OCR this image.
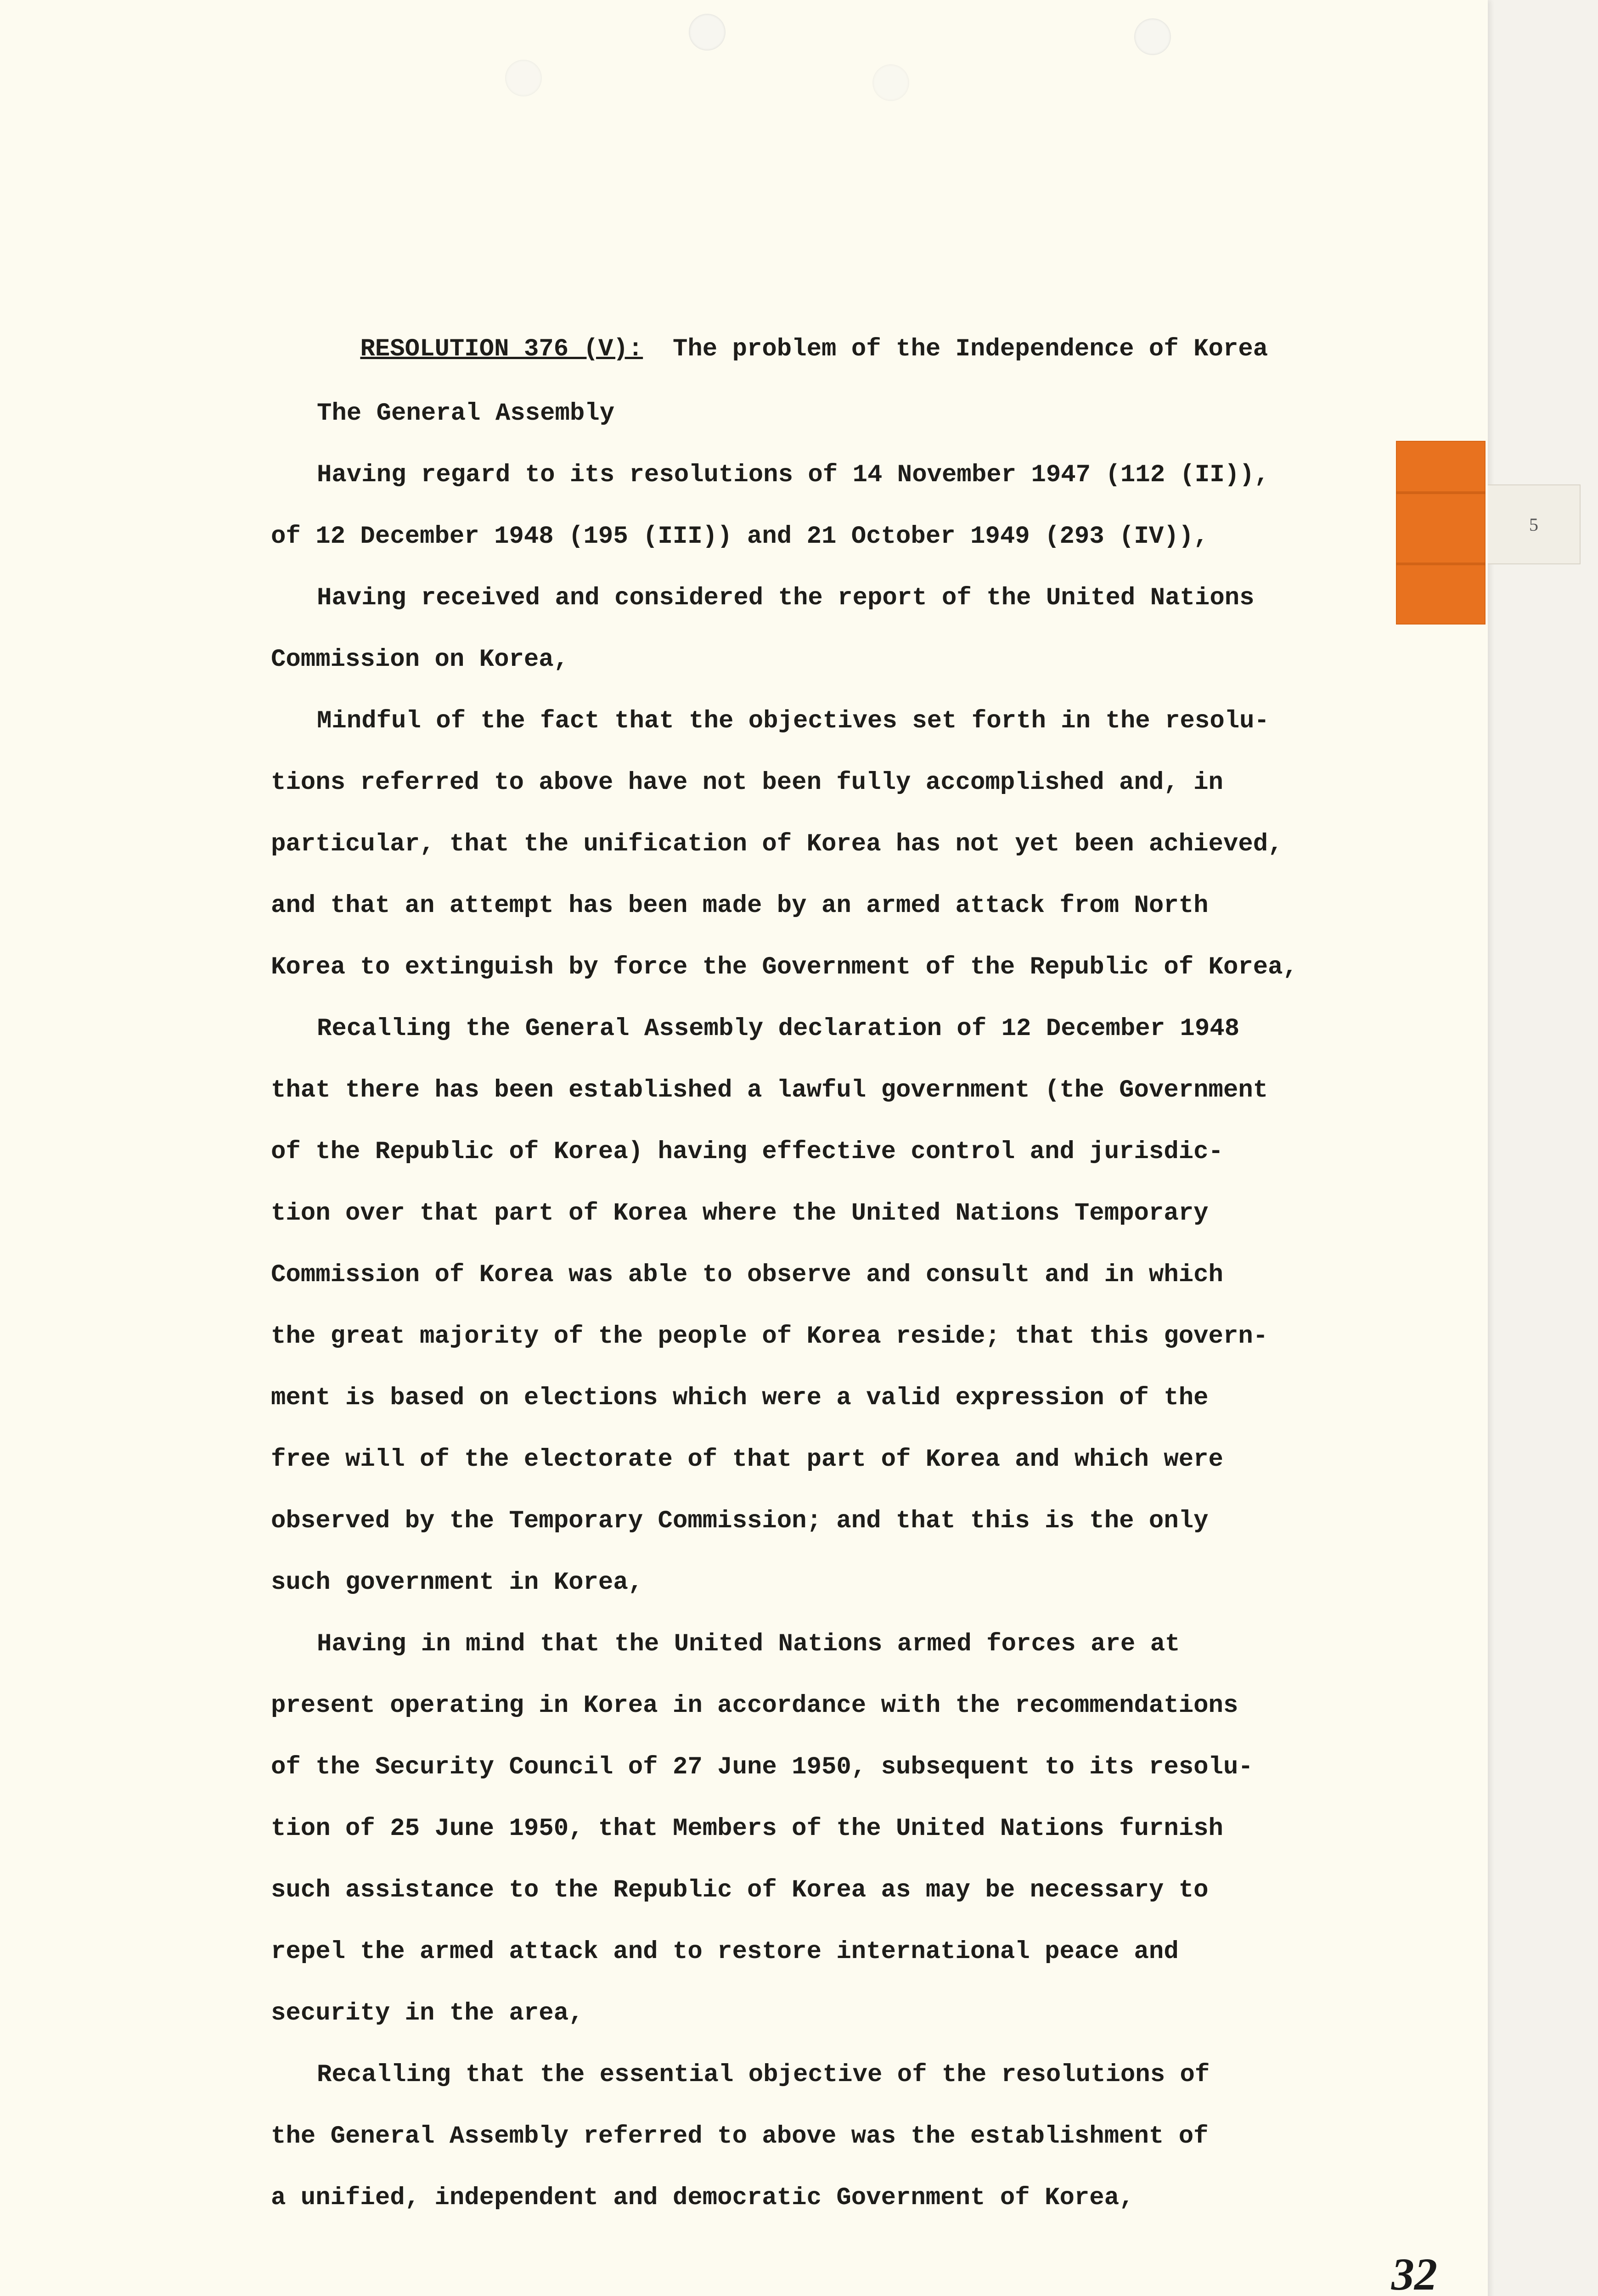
RESOLUTION 376 (V): The problem of the Independence of Korea

The General Assembly
Having regard to its resolutions of 14 November 1947 (112 (II)),
of 12 December 1948 (195 (III)) and 21 October 1949 (293 (IV)),
Having received and considered the report of the United Nations
Commission on Korea,
Mindful of the fact that the objectives set forth in the resolu-
tions referred to above have not been fully accomplished and, in
particular, that the unification of Korea has not yet been achieved,
and that an attempt has been made by an armed attack from North
Korea to extinguish by force the Government of the Republic of Korea,
Recalling the General Assembly declaration of 12 December 1948
that there has been established a lawful government (the Government
of the Republic of Korea) having effective control and jurisdic-
tion over that part of Korea where the United Nations Temporary
Commission of Korea was able to observe and consult and in which
the great majority of the people of Korea reside; that this govern-
ment is based on elections which were a valid expression of the
free will of the electorate of that part of Korea and which were
observed by the Temporary Commission; and that this is the only
such government in Korea,
Having in mind that the United Nations armed forces are at
present operating in Korea in accordance with the recommendations
of the Security Council of 27 June 1950, subsequent to its resolu-
tion of 25 June 1950, that Members of the United Nations furnish
such assistance to the Republic of Korea as may be necessary to
repel the armed attack and to restore international peace and
security in the area,
Recalling that the essential objective of the resolutions of
the General Assembly referred to above was the establishment of
a unified, independent and democratic Government of Korea,
32
5
